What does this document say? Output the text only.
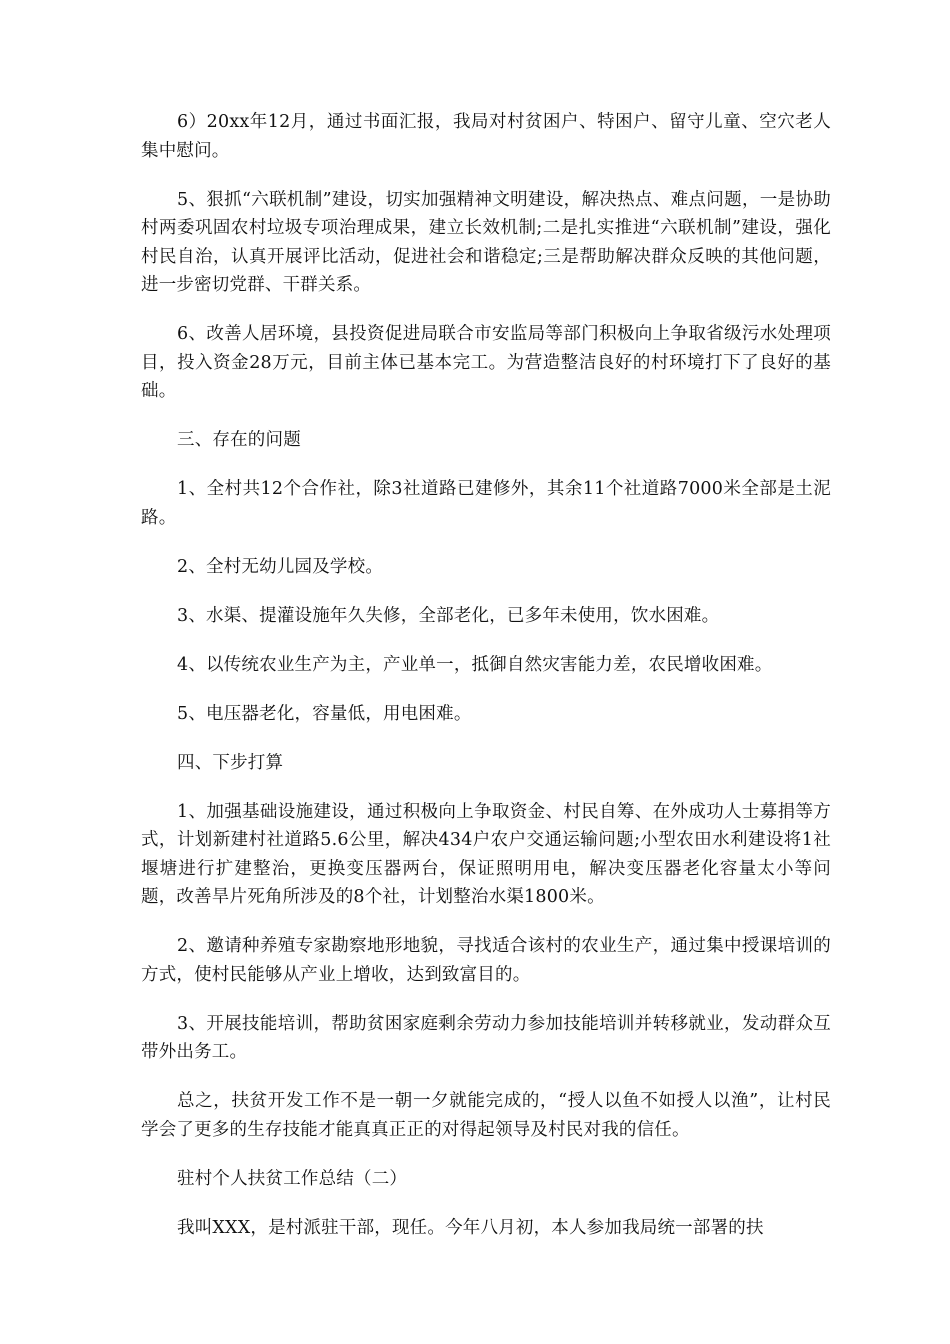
6）20xx年12月，通过书面汇报，我局对村贫困户、特困户、留守儿童、空穴老人集中慰问。

5、狠抓“六联机制”建设，切实加强精神文明建设，解决热点、难点问题，一是协助村两委巩固农村垃圾专项治理成果，建立长效机制;二是扎实推进“六联机制”建设，强化村民自治，认真开展评比活动，促进社会和谐稳定;三是帮助解决群众反映的其他问题，进一步密切党群、干群关系。

6、改善人居环境，县投资促进局联合市安监局等部门积极向上争取省级污水处理项目，投入资金28万元，目前主体已基本完工。为营造整洁良好的村环境打下了良好的基础。

三、存在的问题

1、全村共12个合作社，除3社道路已建修外，其余11个社道路7000米全部是土泥路。

2、全村无幼儿园及学校。

3、水渠、提灌设施年久失修，全部老化，已多年未使用，饮水困难。

4、以传统农业生产为主，产业单一，抵御自然灾害能力差，农民增收困难。

5、电压器老化，容量低，用电困难。

四、下步打算

1、加强基础设施建设，通过积极向上争取资金、村民自筹、在外成功人士募捐等方式，计划新建村社道路5.6公里，解决434户农户交通运输问题;小型农田水利建设将1社堰塘进行扩建整治，更换变压器两台，保证照明用电，解决变压器老化容量太小等问题，改善旱片死角所涉及的8个社，计划整治水渠1800米。

2、邀请种养殖专家勘察地形地貌，寻找适合该村的农业生产，通过集中授课培训的方式，使村民能够从产业上增收，达到致富目的。

3、开展技能培训，帮助贫困家庭剩余劳动力参加技能培训并转移就业，发动群众互带外出务工。

总之，扶贫开发工作不是一朝一夕就能完成的，“授人以鱼不如授人以渔”，让村民学会了更多的生存技能才能真真正正的对得起领导及村民对我的信任。

驻村个人扶贫工作总结（二）

我叫XXX，是村派驻干部，现任。今年八月初，本人参加我局统一部署的扶
